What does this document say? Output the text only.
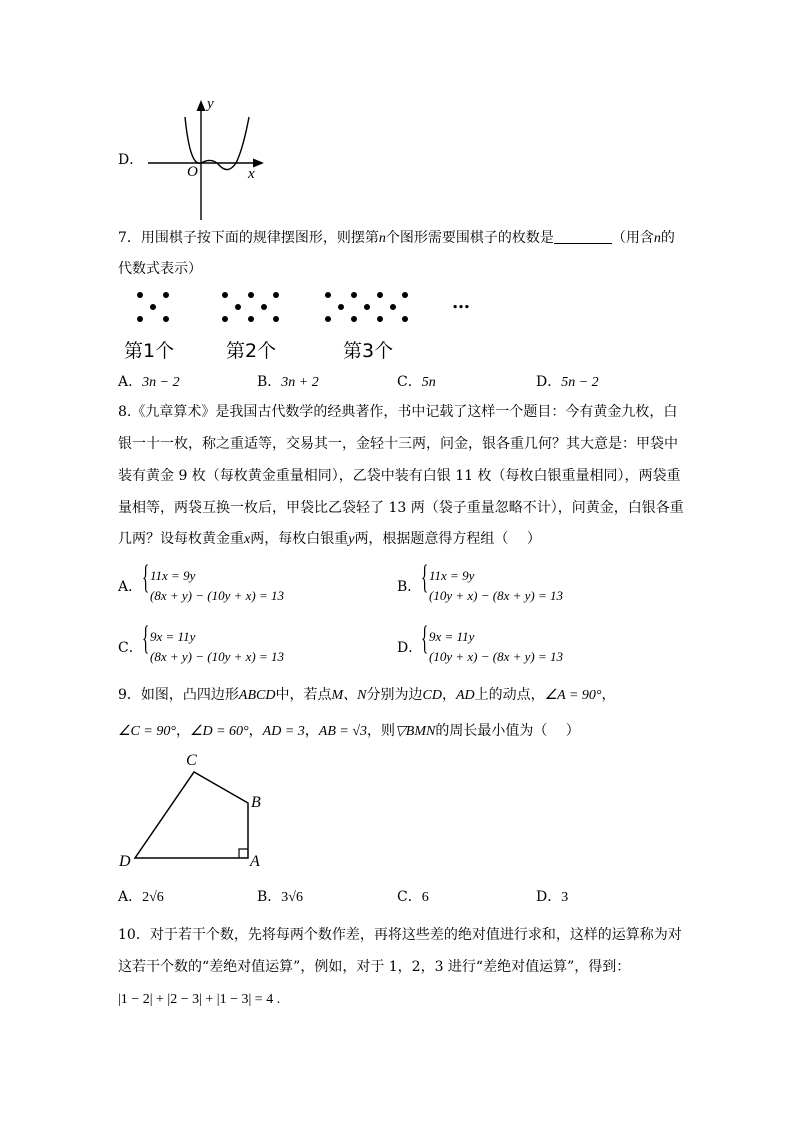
D．
y
x
O
7．用围棋子按下面的规律摆图形，则摆第n个图形需要围棋子的枚数是	（用含n的
代数式表示）
…
第1个	第2个	第3个
A．3n − 2	B．3n + 2	C．5n	D．5n − 2
8.《九章算术》是我国古代数学的经典著作，书中记载了这样一个题目：今有黄金九枚，白
银一十一枚，称之重适等，交易其一，金轻十三两，问金，银各重几何？其大意是：甲袋中
装有黄金 9 枚（每枚黄金重量相同），乙袋中装有白银 11 枚（每枚白银重量相同），两袋重
量相等，两袋互换一枚后，甲袋比乙袋轻了 13 两（袋子重量忽略不计），问黄金，白银各重
几两？设每枚黄金重x两，每枚白银重y两，根据题意得方程组（　 ）
A． { 11x = 9y
(8x + y) − (10y + x) = 13
B． { 11x = 9y
(10y + x) − (8x + y) = 13
C． { 9x = 11y
(8x + y) − (10y + x) = 13
D．
{ 9x = 11y
(10y + x) − (8x + y) = 13
9．如图，凸四边形ABCD中，若点M、N分别为边CD，AD上的动点，∠A = 90°，
∠C = 90°，∠D = 60°，AD = 3，AB = √3，则▽BMN的周长最小值为（　 ）
C
B
D	A
A．2√6	B．3√6	C．6	D．3
10．对于若干个数，先将每两个数作差，再将这些差的绝对值进行求和，这样的运算称为对
这若干个数的“差绝对值运算”，例如，对于 1，2，3 进行“差绝对值运算”，得到：
|1 − 2| + |2 − 3| + |1 − 3| = 4 .
